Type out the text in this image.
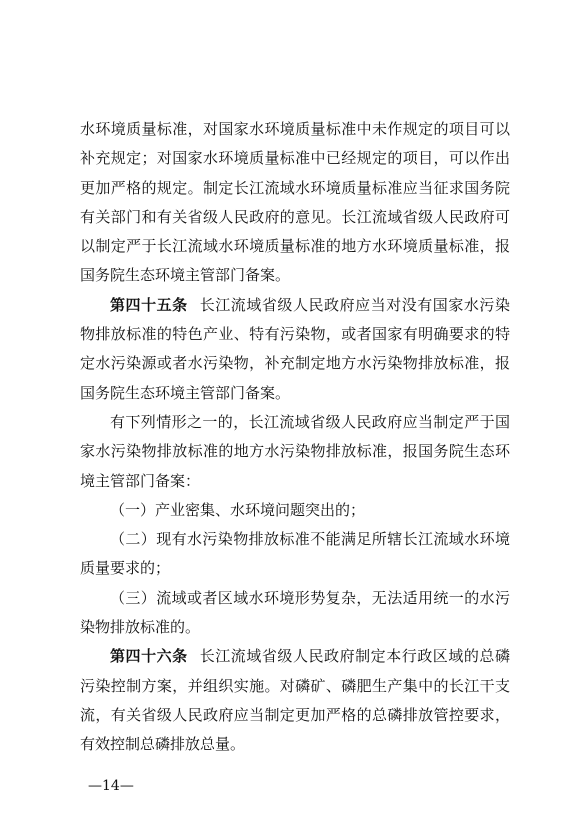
水环境质量标准，对国家水环境质量标准中未作规定的项目可以补充规定；对国家水环境质量标准中已经规定的项目，可以作出更加严格的规定。制定长江流域水环境质量标准应当征求国务院有关部门和有关省级人民政府的意见。长江流域省级人民政府可以制定严于长江流域水环境质量标准的地方水环境质量标准，报国务院生态环境主管部门备案。

第四十五条 长江流域省级人民政府应当对没有国家水污染物排放标准的特色产业、特有污染物，或者国家有明确要求的特定水污染源或者水污染物，补充制定地方水污染物排放标准，报国务院生态环境主管部门备案。

有下列情形之一的，长江流域省级人民政府应当制定严于国家水污染物排放标准的地方水污染物排放标准，报国务院生态环境主管部门备案：

（一）产业密集、水环境问题突出的；

（二）现有水污染物排放标准不能满足所辖长江流域水环境质量要求的；

（三）流域或者区域水环境形势复杂，无法适用统一的水污染物排放标准的。

第四十六条 长江流域省级人民政府制定本行政区域的总磷污染控制方案，并组织实施。对磷矿、磷肥生产集中的长江干支流，有关省级人民政府应当制定更加严格的总磷排放管控要求，有效控制总磷排放总量。

—14—
